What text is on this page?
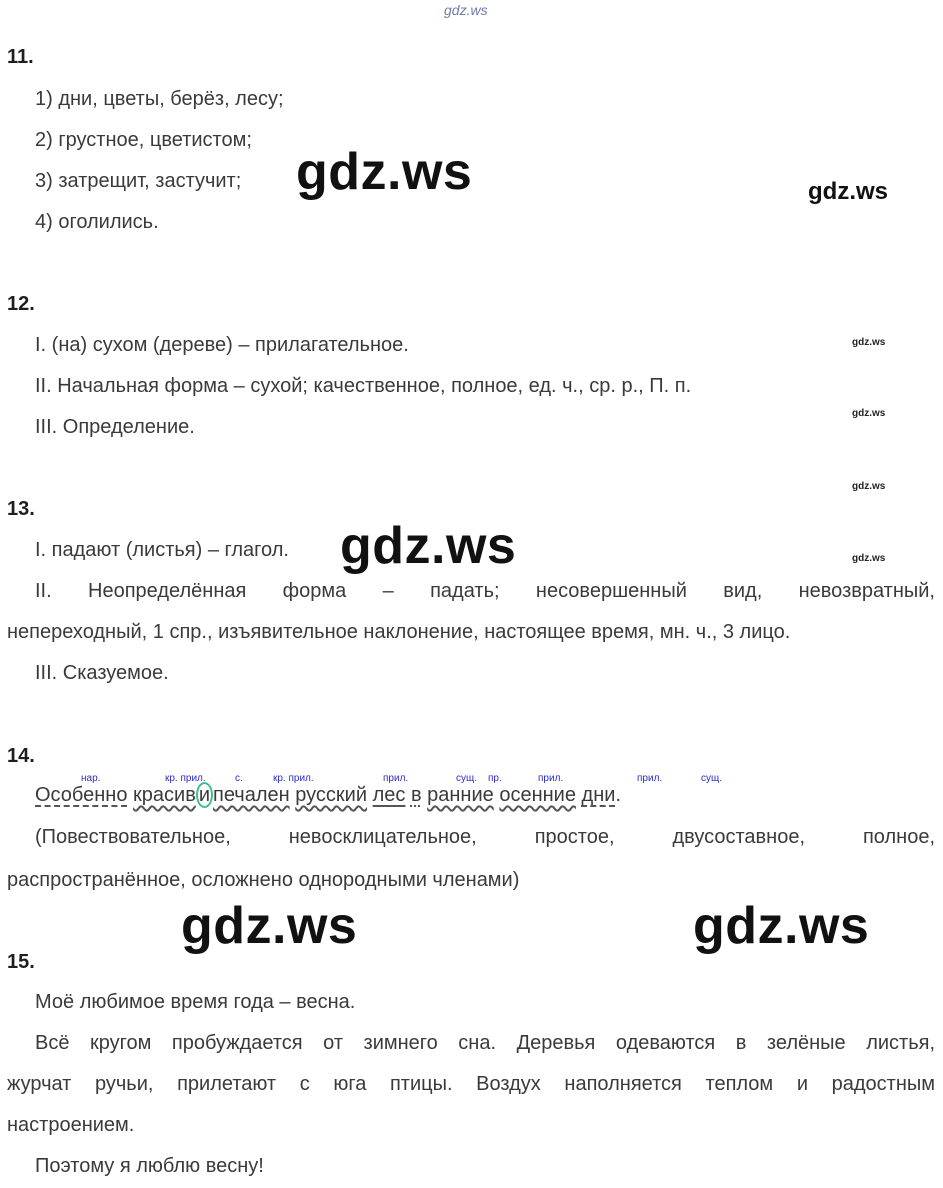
gdz.ws
11.
1) дни, цветы, берёз, лесу;
2) грустное, цветистом;
3) затрещит, застучит;
4) оголились.
gdz.ws	gdz.ws
12.
I. (на) сухом (дереве) – прилагательное.
II. Начальная форма – сухой; качественное, полное, ед. ч., ср. р., П. п.
III. Определение.
gdz.ws
gdz.ws
gdz.ws
13.
I. падают (листья) – глагол. gdz.ws	gdz.ws
II. Неопределённая форма – падать; несовершенный вид, невозвратный,
непереходный, 1 спр., изъявительное наклонение, настоящее время, мн. ч., 3 лицо.
III. Сказуемое.
14.
нар.	кр. прил.	с.	кр. прил.	прил.	сущ. пр.	прил.	прил.	сущ.
Особенно красив и печален русский лес в ранние осенние дни.
(Повествовательное, невосклицательное, простое, двусоставное, полное,
распространённое, осложнено однородными членами)
gdz.ws	gdz.ws
15.
Моё любимое время года – весна.
Всё кругом пробуждается от зимнего сна. Деревья одеваются в зелёные листья,
журчат ручьи, прилетают с юга птицы. Воздух наполняется теплом и радостным
настроением.
Поэтому я люблю весну!
